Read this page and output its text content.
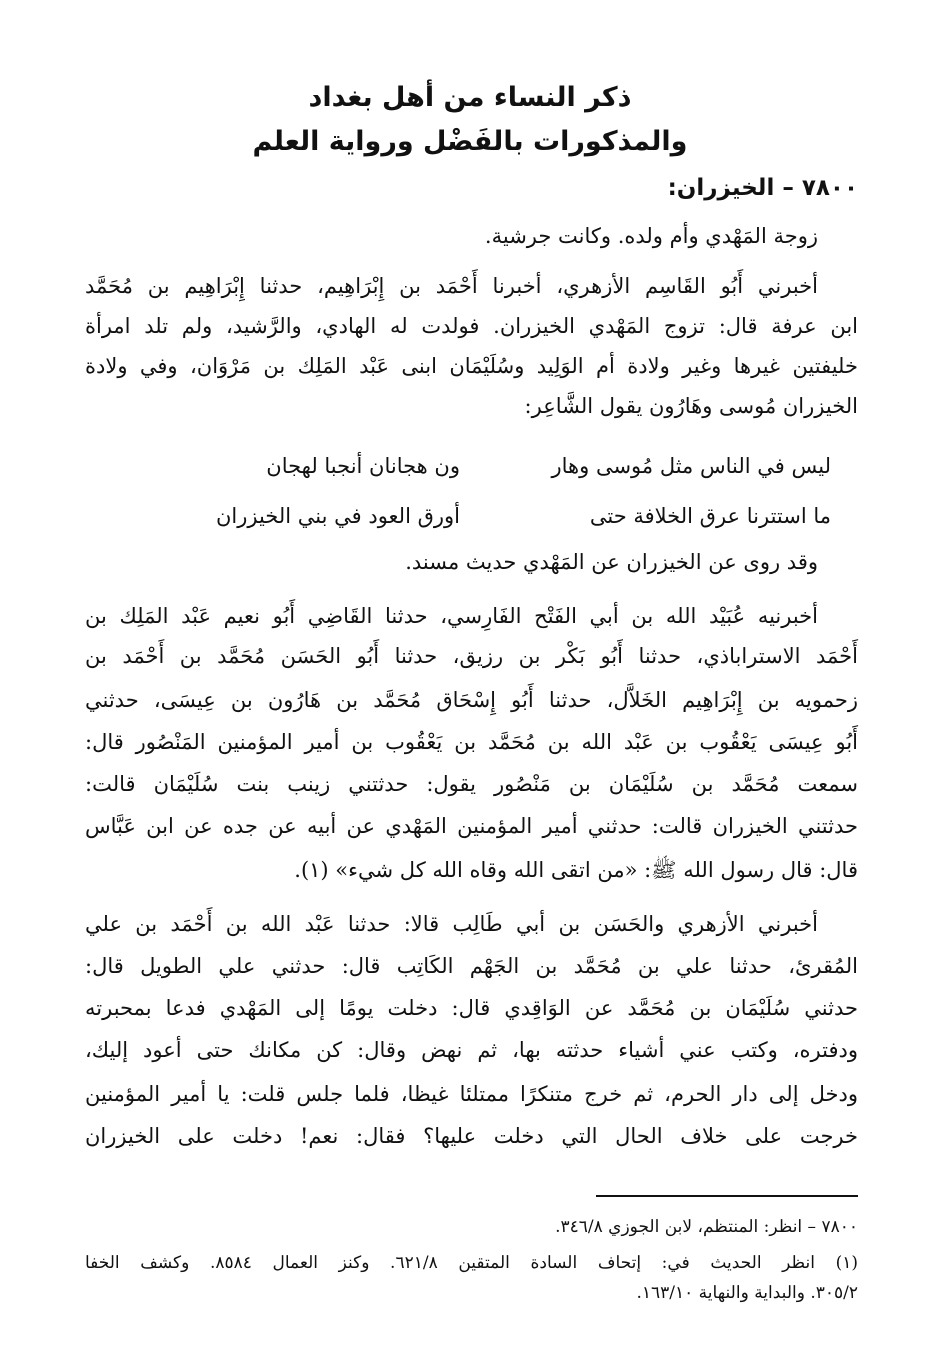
ذكر النساء من أهل بغداد
والمذكورات بالفَضْل ورواية العلم
٧٨٠٠ – الخيزران:
زوجة المَهْدي وأم ولده. وكانت جرشية.
أخبرني أَبُو القَاسِم الأزهري، أخبرنا أَحْمَد بن إِبْرَاهِيم، حدثنا إِبْرَاهِيم بن مُحَمَّد
ابن عرفة قال: تزوج المَهْدي الخيزران. فولدت له الهادي، والرَّشيد، ولم تلد امرأة
خليفتين غيرها وغير ولادة أم الوَلِيد وسُلَيْمَان ابنى عَبْد المَلِك بن مَرْوَان، وفي ولادة
الخيزران مُوسى وهَارُون يقول الشَّاعِر:
ليس في الناس مثل مُوسى وهار
ون هجانان أنجبا لهجان
ما استترنا عرق الخلافة حتى
أورق العود في بني الخيزران
وقد روى عن الخيزران عن المَهْدي حديث مسند.
أخبرنيه عُبَيْد الله بن أبي الفَتْح الفَارِسي، حدثنا القَاضِي أَبُو نعيم عَبْد المَلِك بن
أَحْمَد الاستراباذي، حدثنا أَبُو بَكْر بن رزيق، حدثنا أَبُو الحَسَن مُحَمَّد بن أَحْمَد بن
زحمويه بن إِبْرَاهِيم الخَلاَّل، حدثنا أَبُو إِسْحَاق مُحَمَّد بن هَارُون بن عِيسَى، حدثني
أَبُو عِيسَى يَعْقُوب بن عَبْد الله بن مُحَمَّد بن يَعْقُوب بن أمير المؤمنين المَنْصُور قال:
سمعت مُحَمَّد بن سُلَيْمَان بن مَنْصُور يقول: حدثتني زينب بنت سُلَيْمَان قالت:
حدثتني الخيزران قالت: حدثني أمير المؤمنين المَهْدي عن أبيه عن جده عن ابن عَبَّاس
قال: قال رسول الله ﷺ: «من اتقى الله وقاه الله كل شيء» (١).
أخبرني الأزهري والحَسَن بن أبي طَالِب قالا: حدثنا عَبْد الله بن أَحْمَد بن علي
المُقرئ، حدثنا علي بن مُحَمَّد بن الجَهْم الكَاتِب قال: حدثني علي الطويل قال:
حدثني سُلَيْمَان بن مُحَمَّد عن الوَاقِدي قال: دخلت يومًا إلى المَهْدي فدعا بمحبرته
ودفتره، وكتب عني أشياء حدثته بها، ثم نهض وقال: كن مكانك حتى أعود إليك،
ودخل إلى دار الحرم، ثم خرج متنكرًا ممتلئا غيظا، فلما جلس قلت: يا أمير المؤمنين
خرجت على خلاف الحال التي دخلت عليها؟ فقال: نعم! دخلت على الخيزران
٧٨٠٠ – انظر: المنتظم، لابن الجوزي ٣٤٦/٨.
(١) انظر الحديث في: إتحاف السادة المتقين ٦٢١/٨. وكنز العمال ٨٥٨٤. وكشف الخفا
٣٠٥/٢. والبداية والنهاية ١٦٣/١٠.
